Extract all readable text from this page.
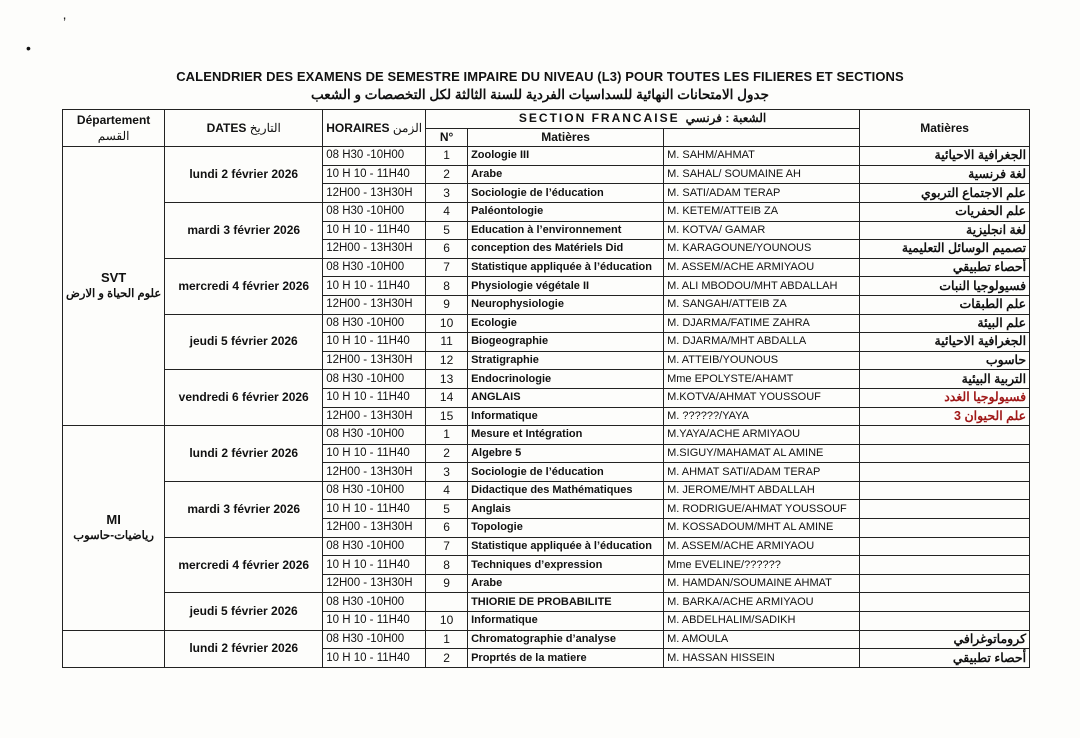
’
•
CALENDRIER DES EXAMENS DE SEMESTRE IMPAIRE DU NIVEAU (L3) POUR TOUTES LES FILIERES ET SECTIONS
جدول الامتحانات النهائية للسداسيات الفردية للسنة الثالثة لكل التخصصات و الشعب
Département
القسم	DATES التاريخ	HORAIRES الزمن	SECTION FRANCAISE الشعبة : فرنسي			Matières
			N°	Matières		

SVT
علوم الحياة و الارض	lundi 2 février 2026	08 H30 -10H00	1	Zoologie III	M. SAHM/AHMAT	الجغرافية الاحيائية
		10 H 10 - 11H40	2	Arabe	M. SAHAL/ SOUMAINE AH	لغة فرنسية
		12H00 - 13H30H	3	Sociologie de l’éducation	M. SATI/ADAM TERAP	علم الاجتماع التربوي
	mardi 3 février 2026	08 H30 -10H00	4	Paléontologie	M. KETEM/ATTEIB ZA	علم الحفريات
		10 H 10 - 11H40	5	Education à l’environnement	M. KOTVA/ GAMAR	لغة انجليزية
		12H00 - 13H30H	6	conception des Matériels Did	M. KARAGOUNE/YOUNOUS	تصميم الوسائل التعليمية
	mercredi 4 février 2026	08 H30 -10H00	7	Statistique appliquée à l’éducation	M. ASSEM/ACHE ARMIYAOU	أحصاء تطبيقي
		10 H 10 - 11H40	8	Physiologie végétale II	M. ALI MBODOU/MHT ABDALLAH	فسيولوجيا النبات
		12H00 - 13H30H	9	Neurophysiologie	M. SANGAH/ATTEIB ZA	علم الطبقات
	jeudi 5 février 2026	08 H30 -10H00	10	Ecologie	M. DJARMA/FATIME ZAHRA	علم البيئة
		10 H 10 - 11H40	11	Biogeographie	M. DJARMA/MHT ABDALLA	الجغرافية الاحيائية
		12H00 - 13H30H	12	Stratigraphie	M. ATTEIB/YOUNOUS	حاسوب
	vendredi 6 février 2026	08 H30 -10H00	13	Endocrinologie	Mme EPOLYSTE/AHAMT	التربية البيئية
		10 H 10 - 11H40	14	ANGLAIS	M.KOTVA/AHMAT YOUSSOUF	فسيولوجيا الغدد
		12H00 - 13H30H	15	Informatique	M. ??????/YAYA	علم الحيوان 3

MI
رياضيات-حاسوب	lundi 2 février 2026	08 H30 -10H00	1	Mesure et Intégration	M.YAYA/ACHE ARMIYAOU	
		10 H 10 - 11H40	2	Algebre 5	M.SIGUY/MAHAMAT AL AMINE	
		12H00 - 13H30H	3	Sociologie de l’éducation	M. AHMAT SATI/ADAM TERAP	
	mardi 3 février 2026	08 H30 -10H00	4	Didactique des Mathématiques	M. JEROME/MHT ABDALLAH	
		10 H 10 - 11H40	5	Anglais	M. RODRIGUE/AHMAT YOUSSOUF	
		12H00 - 13H30H	6	Topologie	M. KOSSADOUM/MHT AL AMINE	
	mercredi 4 février 2026	08 H30 -10H00	7	Statistique appliquée à l’éducation	M. ASSEM/ACHE ARMIYAOU	
		10 H 10 - 11H40	8	Techniques d’expression	Mme EVELINE/??????	
		12H00 - 13H30H	9	Arabe	M. HAMDAN/SOUMAINE AHMAT	
	jeudi 5 février 2026	08 H30 -10H00		THIORIE DE PROBABILITE	M. BARKA/ACHE ARMIYAOU	
		10 H 10 - 11H40	10	Informatique	M. ABDELHALIM/SADIKH	

	lundi 2 février 2026	08 H30 -10H00	1	Chromatographie d’analyse	M. AMOULA	كروماتوغرافي
		10 H 10 - 11H40	2	Proprtés de la matiere	M. HASSAN HISSEIN	أحصاء تطبيقي
